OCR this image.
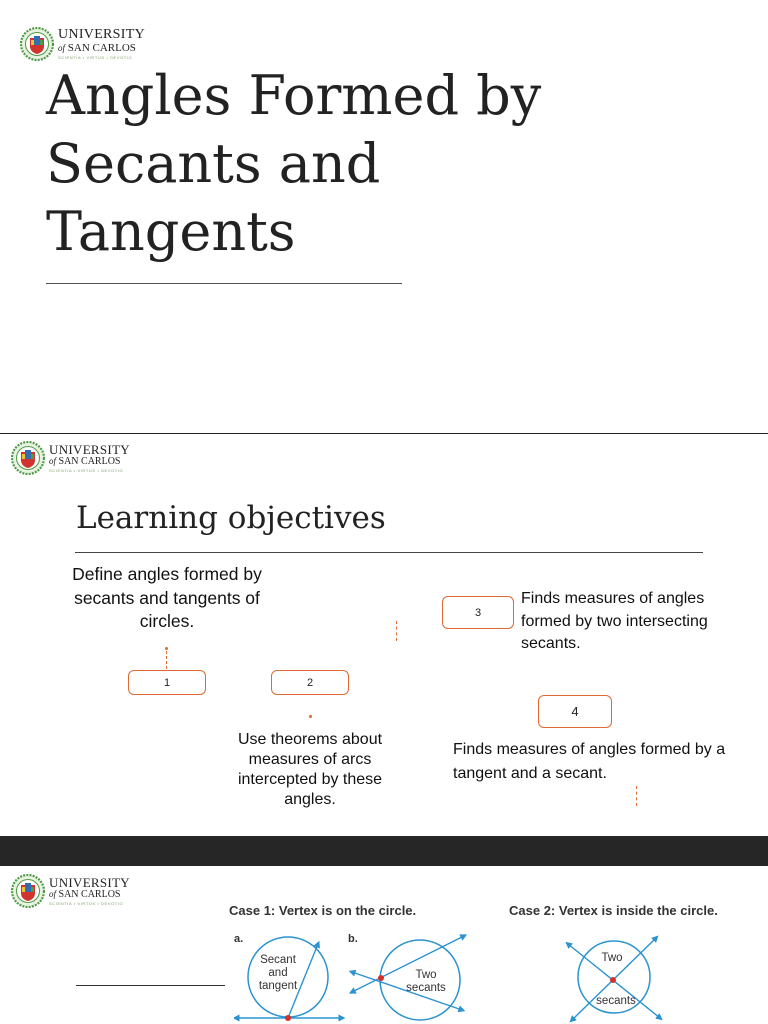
UNIVERSITY
of SAN CARLOS
SCIENTIA • VIRTUS • DEVOTIO
Angles Formed by Secants and Tangents
UNIVERSITY
of SAN CARLOS
SCIENTIA • VIRTUS • DEVOTIO
Learning objectives
Define angles formed by secants and tangents of circles.
1	2
Use theorems about measures of arcs intercepted by these angles.
3
Finds measures of angles formed by two intersecting secants.
4
Finds measures of angles formed by a tangent and a secant.
UNIVERSITY
of SAN CARLOS
SCIENTIA • VIRTUS • DEVOTIO	Case 1: Vertex is on the circle.	Case 2: Vertex is inside the circle.
a.
Secant
and
tangent
b.
Two
secants
Two
secants
